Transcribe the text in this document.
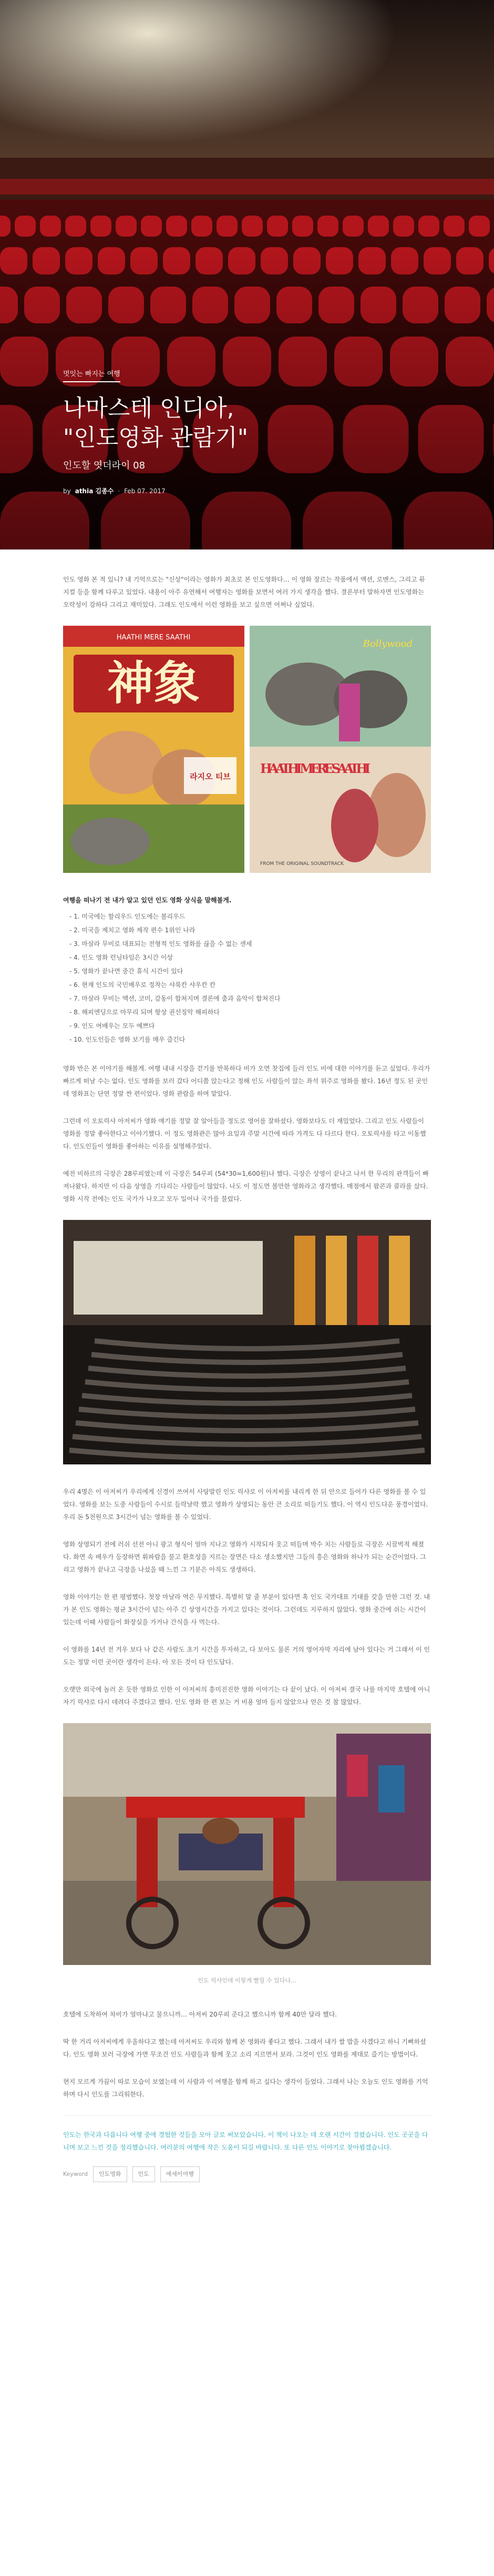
멋잇는 빠지는 여행
나마스테 인디아,
"인도영화 관람기"
인도할 엿더라이 08
by athia 김종수 · Feb 07. 2017

인도 영화 본 적 있니? 내 기억으로는 "신상"이라는 영화가 최초로 본 인도영화다… 이 영화 장르는 작품에서 액션, 로맨스, 그리고 뮤지컬 등을 함께 다루고 있었다. 내용이 아주 유연해서 여행자는 영화를 보면서 여러 가지 생각을 했다. 결론부터 말하자면 인도영화는 오락성이 강하다 그리고 재미있다. 그래도 인도에서 이런 영화를 보고 싶으면 어쩌나 싶었다.

HAATHI MERE SAATHI
神象
라지오 티브
Bollywood
HAATHI MERE SAATHI
FROM THE ORIGINAL SOUNDTRACK
여행을 떠나기 전 내가 알고 있던 인도 영화 상식을 말해볼게.
- 1. 미국에는 할리우드 인도에는 볼리우드
- 2. 미국을 제치고 영화 제작 편수 1위인 나라
- 3. 마살라 무비로 대표되는 전형적 인도 영화를 끊을 수 없는 센세
- 4. 인도 영화 런닝타임은 3시간 이상
- 5. 영화가 끝나면 중간 휴식 시간이 있다
- 6. 현재 인도의 국민배우로 정착는 샤룩칸 샤우칸 칸
- 7. 마살라 무비는 액션, 코미, 감동이 합쳐지며 결론에 춤과 음악이 합쳐진다
- 8. 해피엔딩으로 마무리 되며 항상 권선징악 해피하다
- 9. 인도 여배우는 모두 예쁘다
- 10. 인도인들은 영화 보기를 매우 즐긴다

영화 반은 본 이야기를 해볼게. 여행 내내 시장을 걷기를 반복하다 비가 오면 찻집에 들러 인도 비에 대한 이야기를 듣고 싶었다. 우리가 빠르게 떠날 수는 없다. 인도 영화를 보러 갔다 어디쯤 앉는다고 정해 인도 사람들이 앉는 좌석 위주로 영화를 봤다. 16년 정도 된 곳인데 영화표는 단연 정말 싼 편이었다. 영화 관람을 하며 맡았다.

그런데 이 오토릭샤 아저씨가 영화 얘기를 정말 잘 알아들을 정도로 영어를 잘하셨다. 영화보다도 더 재밌었다. 그리고 인도 사람들이 영화를 정말 좋아한다고 이야기했다. 이 정도 영화관은 많아 요일과 주말 시간에 따라 가격도 다 다르다 한다. 오토릭샤를 타고 이동했다. 인도인들이 영화를 좋아하는 이유를 설명해주었다.

예전 비하르의 극장은 28루피였는데 이 극장은 54루피 (54*30=1,600원)나 했다. 극장은 상영이 끝나고 나서 한 무리의 관객들이 빠져나왔다. 하지만 이 다음 상영을 기다리는 사람들이 많았다. 나도 이 정도면 볼만한 영화라고 생각했다. 매점에서 팝콘과 콜라를 샀다. 영화 시작 전에는 인도 국가가 나오고 모두 일어나 국가를 불렀다.

우리 4명은 이 아저씨가 우리에게 신경이 쓰여서 사탕발린 인도 릭샤로 이 아저씨를 내리게 한 뒤 안으로 들어가 다른 영화를 볼 수 있었다. 영화를 보는 도중 사람들이 수시로 들락날락 했고 영화가 상영되는 동안 큰 소리로 떠들기도 했다. 이 역시 인도다운 풍경이었다. 우리 돈 5천원으로 3시간이 넘는 영화를 볼 수 있었다.

영화 상영되기 전에 러쉬 선전 아니 광고 형식이 얼마 지나고 영화가 시작되자 웃고 떠들며 박수 치는 사람들로 극장은 시끌벅적 해졌다. 화면 속 배우가 등장하면 휘파람을 불고 환호성을 지르는 장면은 다소 생소했지만 그들의 흥은 영화와 하나가 되는 순간이었다. 그리고 영화가 끝나고 극장을 나섰을 때 느낀 그 기분은 아직도 생생하다.

영화 이야기는 한 편 평범했다. 첫장 마날라 역은 무지했다. 특별히 말 줄 부분이 있다면 혹 인도 국가대표 기대를 갖을 만한 그런 것. 내가 본 인도 영화는 평균 3시간이 넘는 아주 긴 상영시간을 가지고 있다는 것이다. 그런데도 지루하지 않았다. 영화 중간에 쉬는 시간이 있는데 이때 사람들이 화장실을 가거나 간식을 사 먹는다.

이 영화를 14년 전 겨우 보다 나 같은 사람도 초기 시간을 투자하고, 다 보아도 물론 거의 영어자막 자리에 남아 있다는 거 그래서 이 인도는 정말 이런 곳이란 생각이 든다. 아 모든 것이 다 인도답다.

오랫만 외국에 놀러 온 듯한 영화로 인한 이 아저씨의 흥미진진한 영화 이야기는 다 끝이 났다. 이 아저씨 결국 나를 마지막 호텔에 아니 자기 릭샤로 다시 데려다 주겠다고 했다. 인도 영화 한 편 보는 거 비용 얼마 들지 않았으나 얻은 것 참 많았다.

인도 릭샤인데 이렇게 빨릴 수 있다나...

호텔에 도착하여 차비가 얼마냐고 물으니까… 아저씨 20루피 준다고 했으니까 함께 40만 달라 했다.

딱 한 거리 아저씨에게 우울하다고 했는데 아저씨도 우리와 함께 본 영화라 좋다고 했다. 그래서 내가 쌀 밥을 사겠다고 하니 기뻐하셨다. 인도 영화 보러 극장에 가면 무조건 인도 사람들과 함께 웃고 소리 지르면서 보라. 그것이 인도 영화를 제대로 즐기는 방법이다.

현지 모르게 가끔이 따로 모습이 보였는데 이 사람과 이 여행을 함께 하고 싶다는 생각이 들었다. 그래서 나는 오늘도 인도 영화를 기억하며 다시 인도를 그리워한다.

인도는 한국과 다릅니다 여행 중에 경험한 것들을 모아 글로 써보았습니다. 이 책이 나오는 데 오랜 시간이 걸렸습니다. 인도 곳곳을 다니며 보고 느낀 것을 정리했습니다. 여러분의 여행에 작은 도움이 되길 바랍니다. 또 다른 인도 이야기로 찾아뵙겠습니다.
Keyword	인도영화	인도	에세이여행
